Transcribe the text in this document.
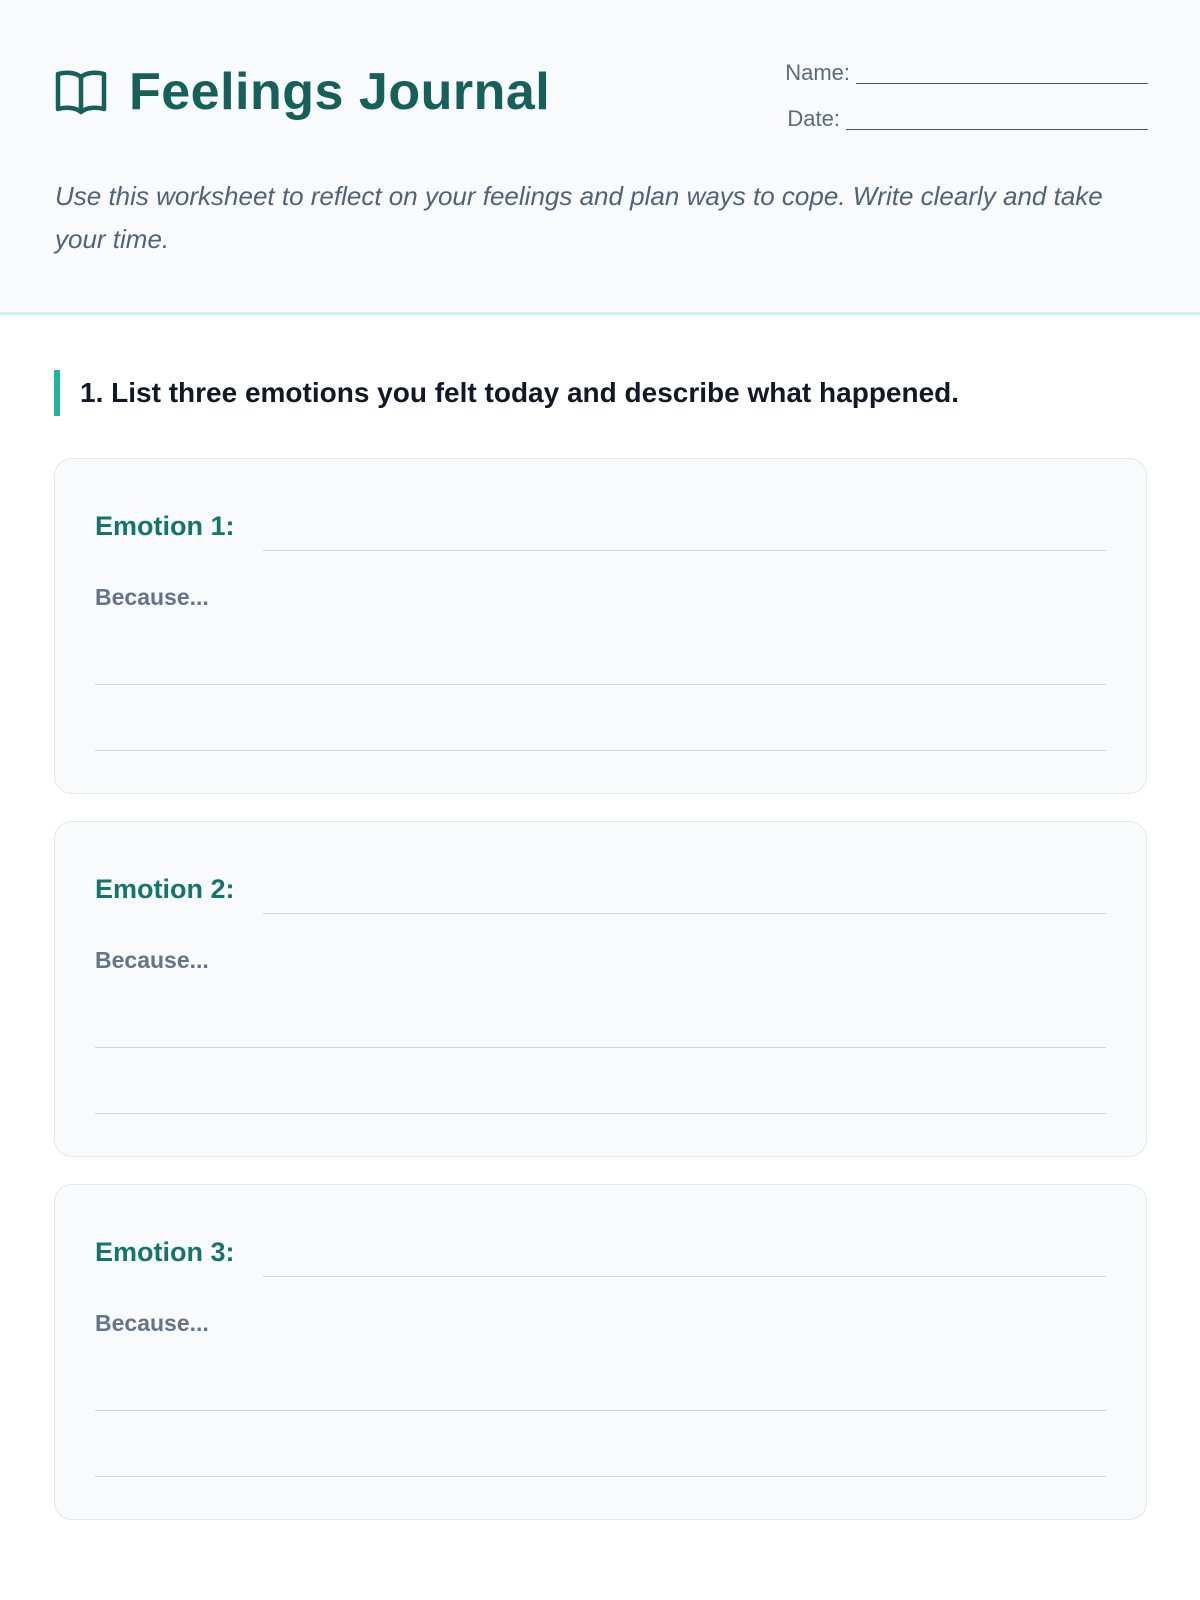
Feelings Journal	Name:
Date:

Use this worksheet to reflect on your feelings and plan ways to cope. Write clearly and take your time.

1. List three emotions you felt today and describe what happened.
Emotion 1:
Because...
Emotion 2:
Because...
Emotion 3:
Because...
